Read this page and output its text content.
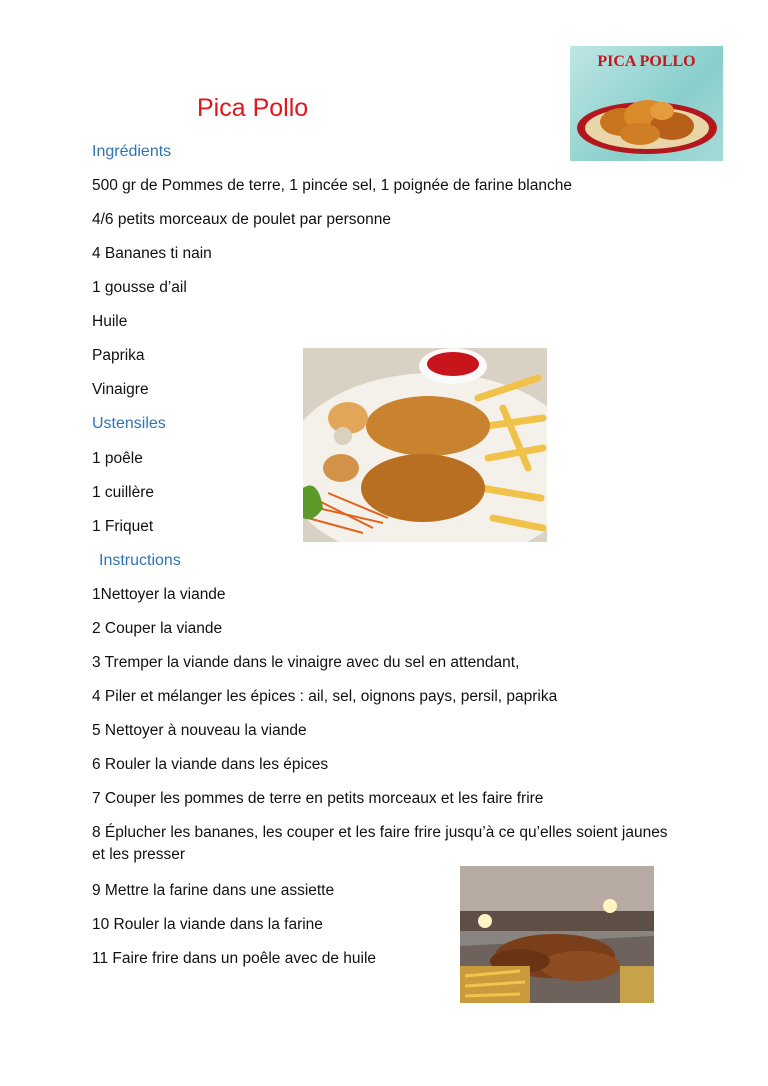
Pica Pollo
PICA POLLO
Ingrédients
500 gr de Pommes de terre, 1 pincée sel, 1 poignée de farine blanche
4/6 petits morceaux de poulet par personne
4 Bananes ti nain
1 gousse d’ail
Huile
Paprika
Vinaigre
Ustensiles
1 poêle
1 cuillère
1 Friquet
Instructions
1Nettoyer la viande
2 Couper la viande
3 Tremper la viande dans le vinaigre avec du sel en attendant,
4 Piler et mélanger les épices : ail, sel, oignons pays, persil, paprika
5 Nettoyer à nouveau la viande
6 Rouler la viande dans les épices
7 Couper les pommes de terre en petits morceaux et les faire frire
8 Éplucher les bananes, les couper et les faire frire jusqu’à ce qu’elles soient jaunes et les presser
9 Mettre la farine dans une assiette
10 Rouler la viande dans la farine
11 Faire frire dans un poêle avec de huile
